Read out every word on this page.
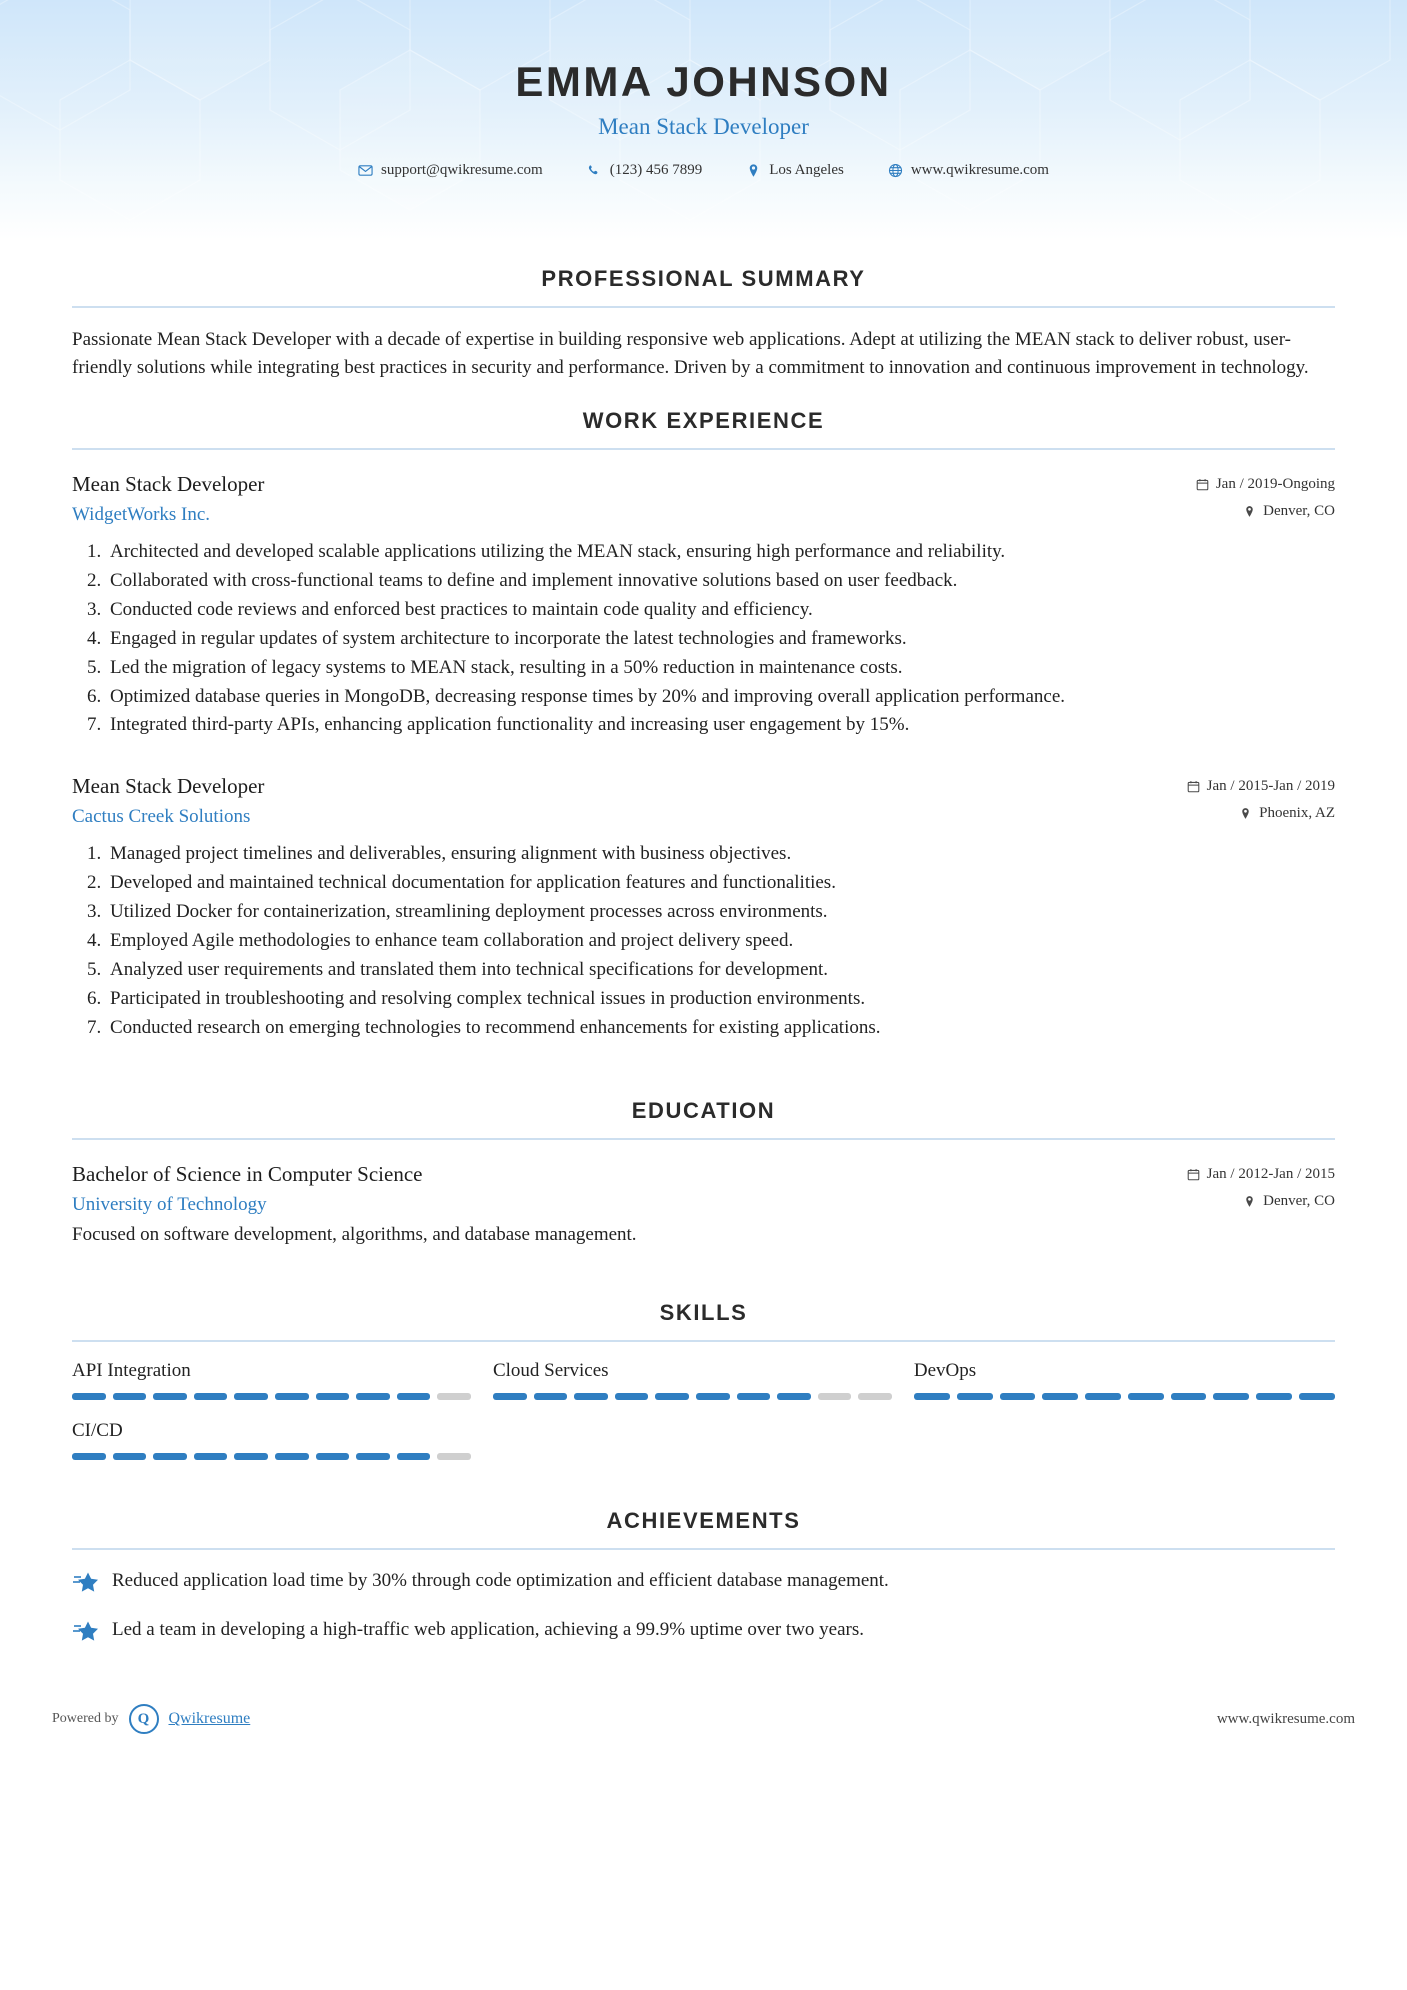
EMMA JOHNSON
Mean Stack Developer
support@qwikresume.com	(123) 456 7899	Los Angeles	www.qwikresume.com
PROFESSIONAL SUMMARY

Passionate Mean Stack Developer with a decade of expertise in building responsive web applications. Adept at utilizing the MEAN stack to deliver robust, user-friendly solutions while integrating best practices in security and performance. Driven by a commitment to innovation and continuous improvement in technology.

WORK EXPERIENCE
Mean Stack Developer
WidgetWorks Inc.
Jan / 2019-Ongoing
Denver, CO
1. Architected and developed scalable applications utilizing the MEAN stack, ensuring high performance and reliability.
2. Collaborated with cross-functional teams to define and implement innovative solutions based on user feedback.
3. Conducted code reviews and enforced best practices to maintain code quality and efficiency.
4. Engaged in regular updates of system architecture to incorporate the latest technologies and frameworks.
5. Led the migration of legacy systems to MEAN stack, resulting in a 50% reduction in maintenance costs.
6. Optimized database queries in MongoDB, decreasing response times by 20% and improving overall application performance.
7. Integrated third-party APIs, enhancing application functionality and increasing user engagement by 15%.
Mean Stack Developer
Cactus Creek Solutions
Jan / 2015-Jan / 2019
Phoenix, AZ
1. Managed project timelines and deliverables, ensuring alignment with business objectives.
2. Developed and maintained technical documentation for application features and functionalities.
3. Utilized Docker for containerization, streamlining deployment processes across environments.
4. Employed Agile methodologies to enhance team collaboration and project delivery speed.
5. Analyzed user requirements and translated them into technical specifications for development.
6. Participated in troubleshooting and resolving complex technical issues in production environments.
7. Conducted research on emerging technologies to recommend enhancements for existing applications.
EDUCATION
Bachelor of Science in Computer Science
University of Technology
Jan / 2012-Jan / 2015
Denver, CO
Focused on software development, algorithms, and database management.
SKILLS
API Integration	Cloud Services	DevOps
CI/CD
ACHIEVEMENTS
Reduced application load time by 30% through code optimization and efficient database management.
Led a team in developing a high-traffic web application, achieving a 99.9% uptime over two years.
Powered by	Q	Qwikresume	www.qwikresume.com
